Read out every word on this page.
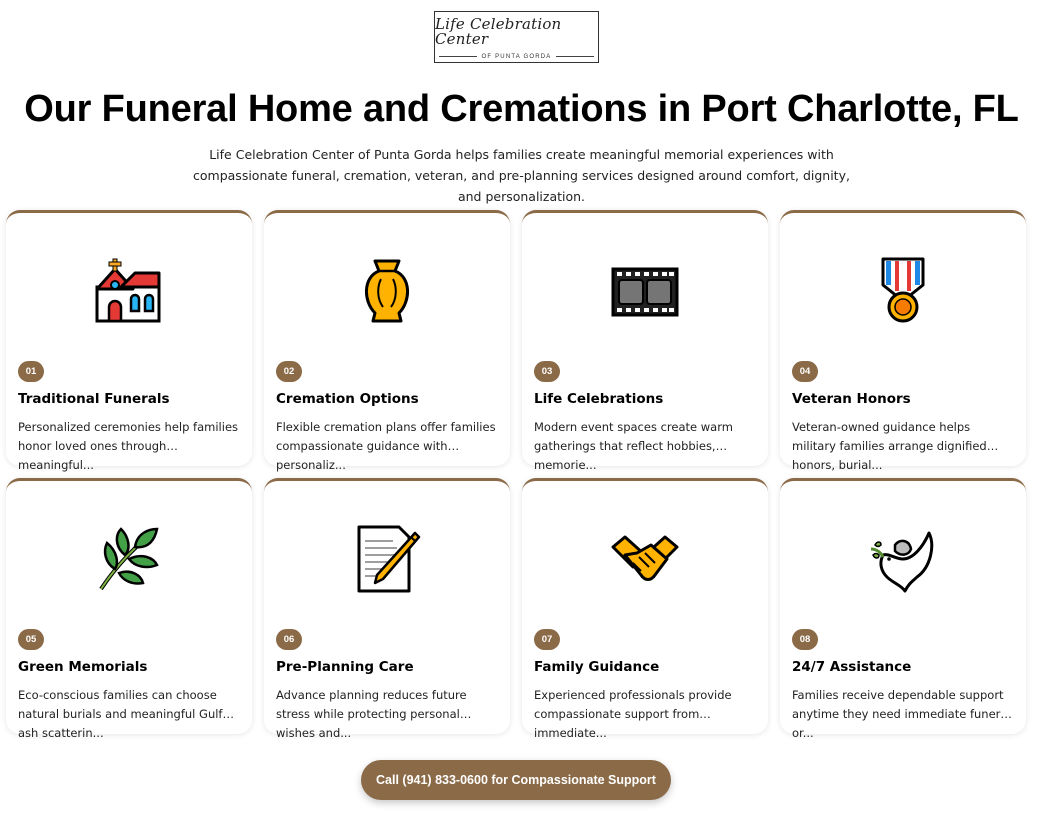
Life Celebration Center
OF PUNTA GORDA
Our Funeral Home and Cremations in Port Charlotte, FL

Life Celebration Center of Punta Gorda helps families create meaningful memorial experiences with compassionate funeral, cremation, veteran, and pre-planning services designed around comfort, dignity, and personalization.

01
Traditional Funerals
Personalized ceremonies help families honor loved ones through meaningful...
02
Cremation Options
Flexible cremation plans offer families compassionate guidance with personaliz...
03
Life Celebrations
Modern event spaces create warm gatherings that reflect hobbies, memorie...
04
Veteran Honors
Veteran-owned guidance helps military families arrange dignified honors, burial...
05
Green Memorials
Eco-conscious families can choose natural burials and meaningful Gulf ash scatterin...
06
Pre-Planning Care
Advance planning reduces future stress while protecting personal wishes and...
07
Family Guidance
Experienced professionals provide compassionate support from immediate...
08
24/7 Assistance
Families receive dependable support anytime they need immediate funeral or...
Call (941) 833-0600 for Compassionate Support
